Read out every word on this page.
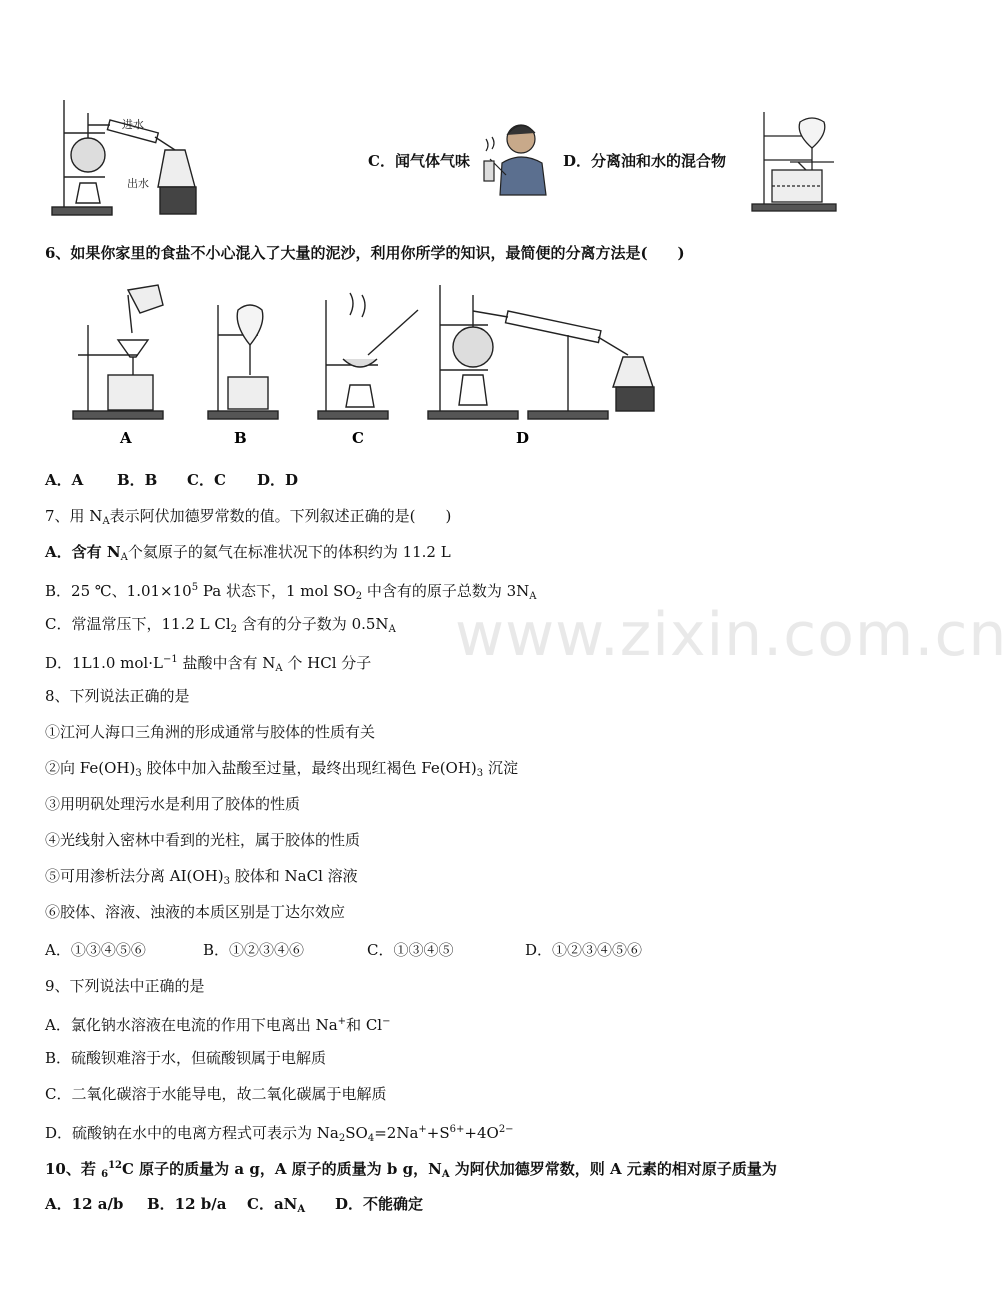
www.zixin.com.cn
进水
出水
C．闻气体气味	D．分离油和水的混合物
6、如果你家里的食盐不小心混入了大量的泥沙，利用你所学的知识，最简便的分离方法是(　　)
A	B	C	D
A．A B．B C．C D．D
7、用 $N_A$表示阿伏加德罗常数的值。下列叙述正确的是(　　)
A．含有 $N_A$个氦原子的氦气在标准状况下的体积约为 11.2 L
B．25 ℃、$1.01\times 10^5$ Pa 状态下，1 mol $SO_2$ 中含有的原子总数为 $3N_A$
C．常温常压下，11.2 L $Cl_2$ 含有的分子数为 $0.5N_A$
D．1L1.0 $mol\cdot L^{-1}$ 盐酸中含有 $N_A$ 个 HCl 分子
8、下列说法正确的是
①江河人海口三角洲的形成通常与胶体的性质有关
②向 $Fe(OH)_3$ 胶体中加入盐酸至过量，最终出现红褐色 $Fe(OH)_3$ 沉淀
③用明矾处理污水是利用了胶体的性质
④光线射入密林中看到的光柱，属于胶体的性质
⑤可用渗析法分离 $AI(OH)_3$ 胶体和 NaCl 溶液
⑥胶体、溶液、浊液的本质区别是丁达尔效应
A．①③④⑤⑥	B．①②③④⑥	C．①③④⑤	D．①②③④⑤⑥
9、下列说法中正确的是
A．氯化钠水溶液在电流的作用下电离出 Na+和 Cl−
B．硫酸钡难溶于水，但硫酸钡属于电解质
C．二氧化碳溶于水能导电，故二氧化碳属于电解质
D．硫酸钠在水中的电离方程式可表示为 $Na_2SO_4=2Na^++S^{6+}+4O^{2-}$
10、若 $_6^{12}$C 原子的质量为 a g，A 原子的质量为 b g，$N_A$ 为阿伏加德罗常数，则 A 元素的相对原子质量为
A．12 a/b B．12 b/a C．$aN_A$ D．不能确定
